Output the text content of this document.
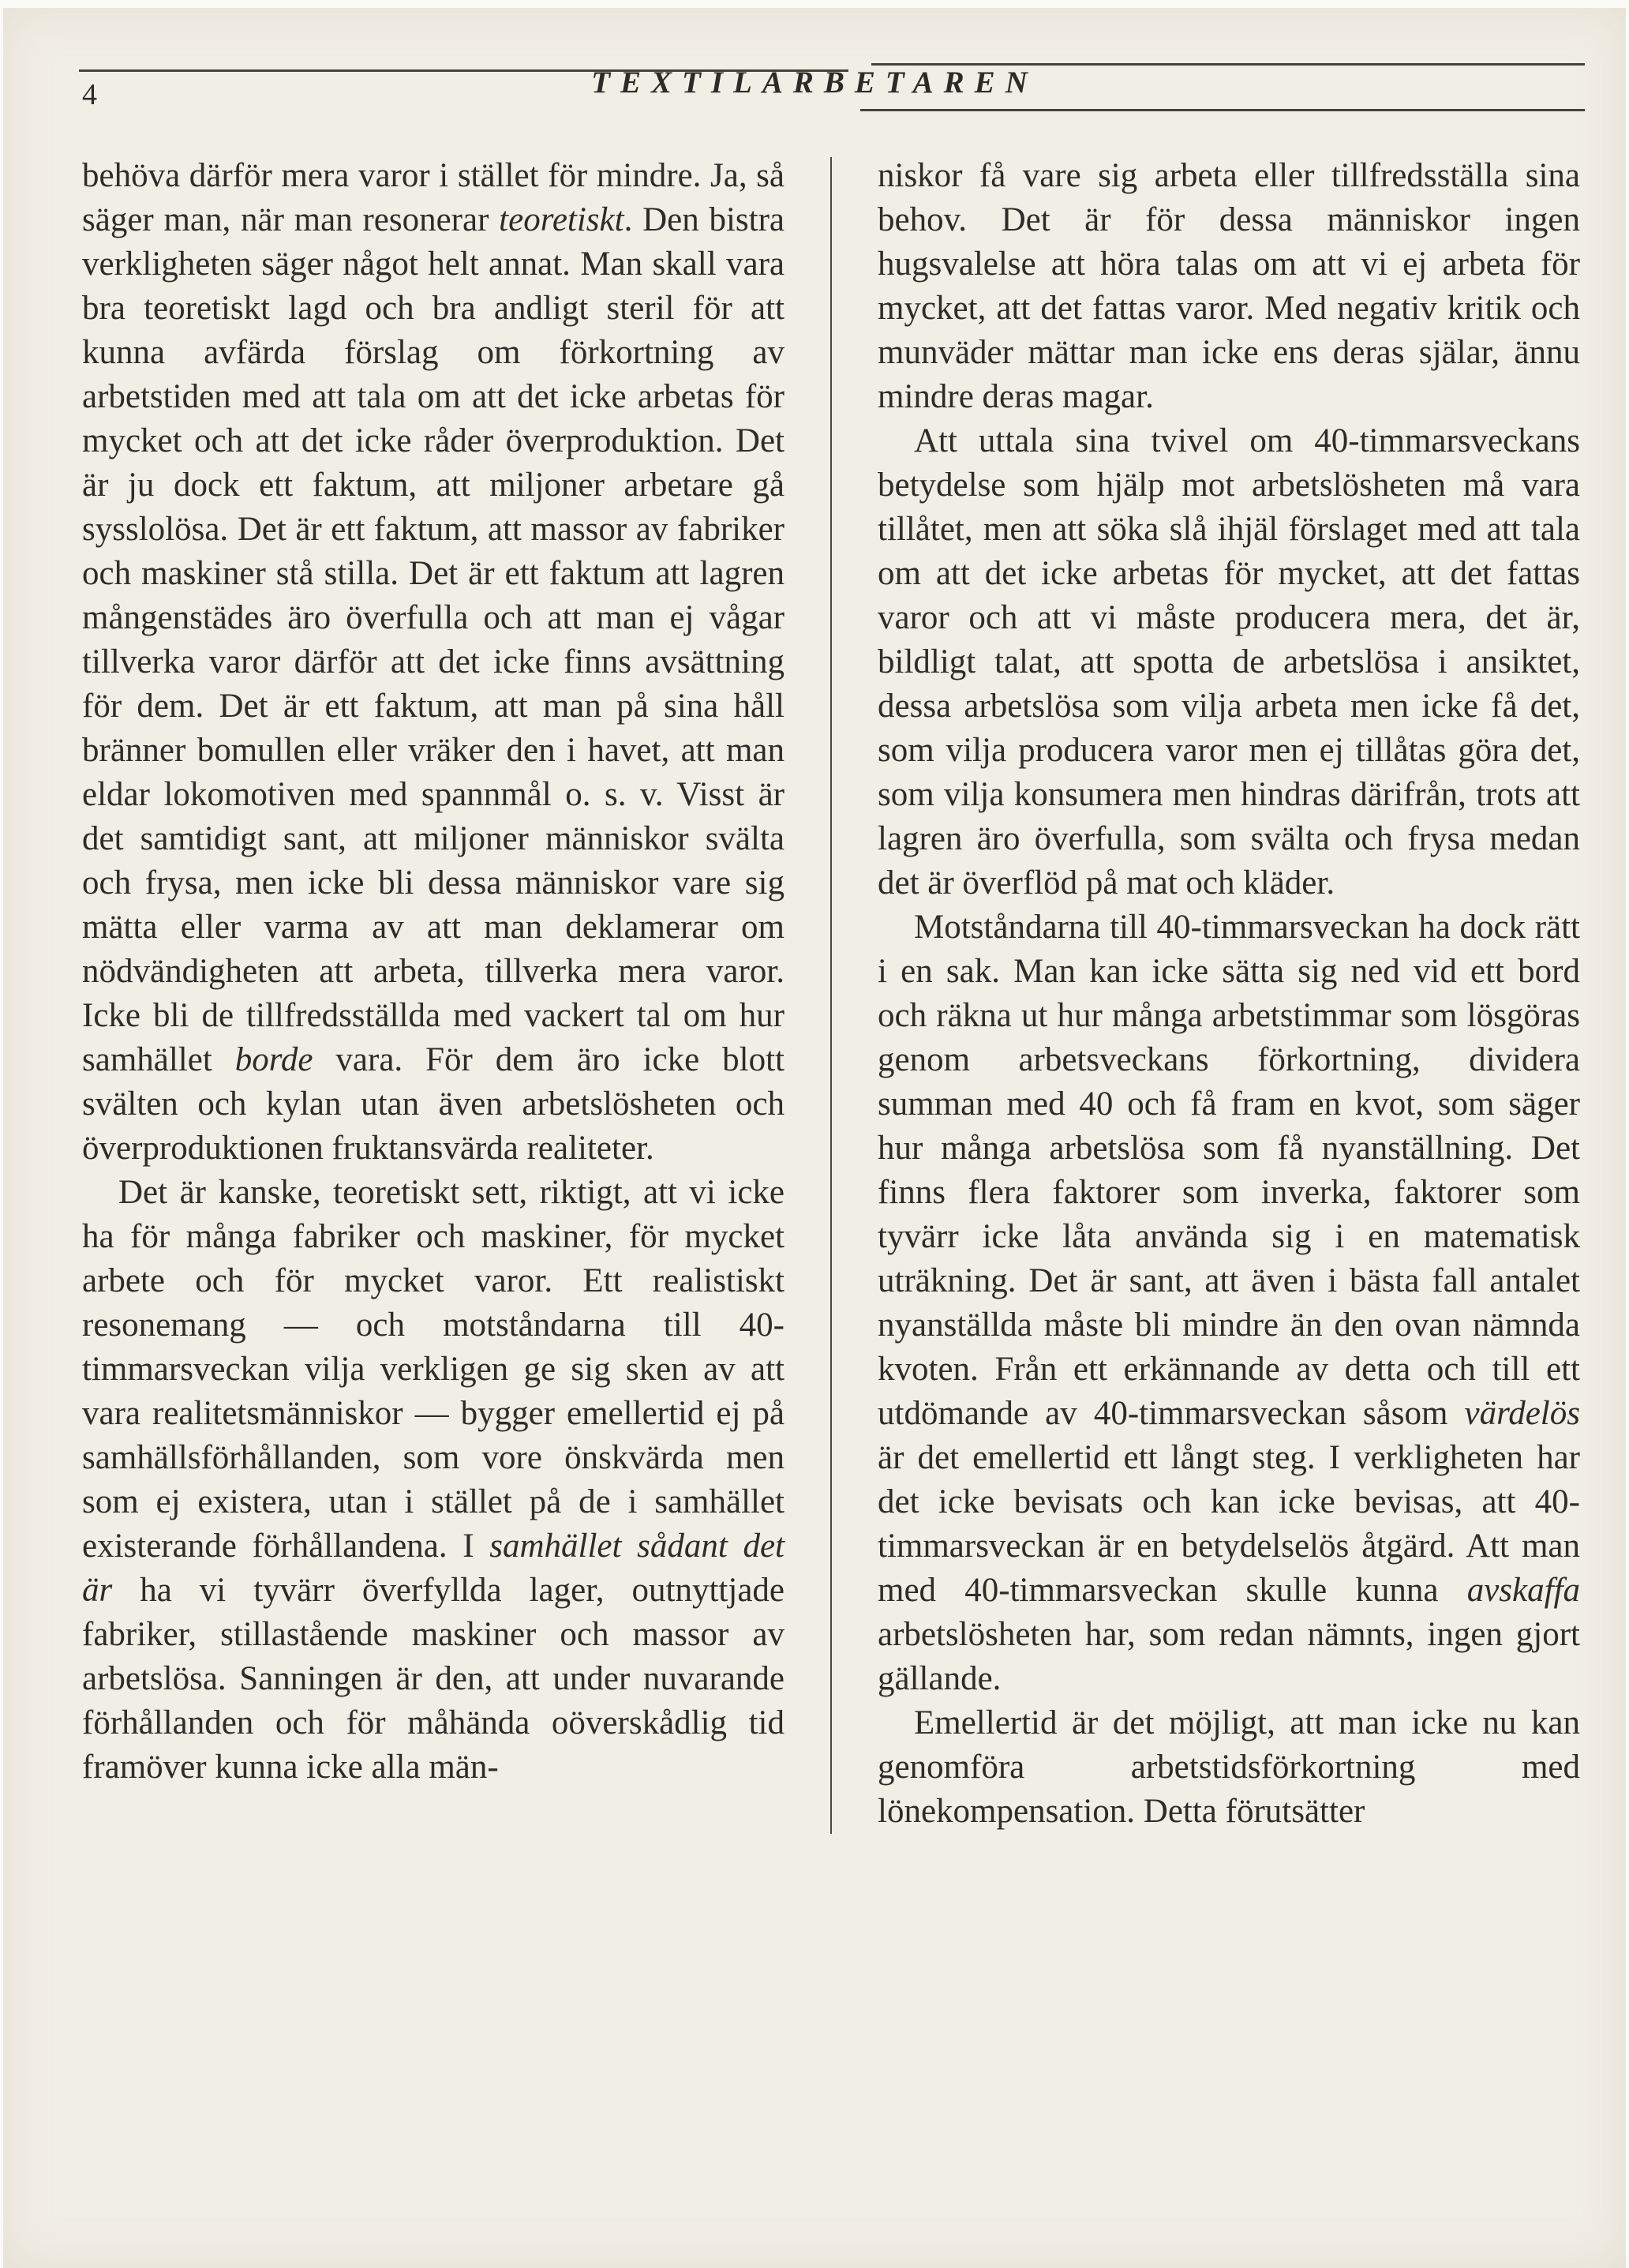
4	TEXTILARBETAREN

behöva därför mera varor i stället för mindre. Ja, så säger man, när man resonerar teoretiskt. Den bistra verkligheten säger något helt annat. Man skall vara bra teoretiskt lagd och bra andligt steril för att kunna avfärda förslag om förkortning av arbetstiden med att tala om att det icke arbetas för mycket och att det icke råder överproduktion. Det är ju dock ett faktum, att miljoner arbetare gå sysslolösa. Det är ett faktum, att massor av fabriker och maskiner stå stilla. Det är ett faktum att lagren mångenstädes äro överfulla och att man ej vågar tillverka varor därför att det icke finns avsättning för dem. Det är ett faktum, att man på sina håll bränner bomullen eller vräker den i havet, att man eldar lokomotiven med spannmål o. s. v. Visst är det samtidigt sant, att miljoner människor svälta och frysa, men icke bli dessa människor vare sig mätta eller varma av att man deklamerar om nödvändigheten att arbeta, tillverka mera varor. Icke bli de tillfredsställda med vackert tal om hur samhället borde vara. För dem äro icke blott svälten och kylan utan även arbetslösheten och överproduktionen fruktansvärda realiteter.

Det är kanske, teoretiskt sett, riktigt, att vi icke ha för många fabriker och maskiner, för mycket arbete och för mycket varor. Ett realistiskt resonemang — och motståndarna till 40-timmarsveckan vilja verkligen ge sig sken av att vara realitetsmänniskor — bygger emellertid ej på samhällsförhållanden, som vore önskvärda men som ej existera, utan i stället på de i samhället existerande förhållandena. I samhället sådant det är ha vi tyvärr överfyllda lager, outnyttjade fabriker, stillastående maskiner och massor av arbetslösa. Sanningen är den, att under nuvarande förhållanden och för måhända oöverskådlig tid framöver kunna icke alla män-

niskor få vare sig arbeta eller tillfredsställa sina behov. Det är för dessa människor ingen hugsvalelse att höra talas om att vi ej arbeta för mycket, att det fattas varor. Med negativ kritik och munväder mättar man icke ens deras själar, ännu mindre deras magar.

Att uttala sina tvivel om 40-timmarsveckans betydelse som hjälp mot arbetslösheten må vara tillåtet, men att söka slå ihjäl förslaget med att tala om att det icke arbetas för mycket, att det fattas varor och att vi måste producera mera, det är, bildligt talat, att spotta de arbetslösa i ansiktet, dessa arbetslösa som vilja arbeta men icke få det, som vilja producera varor men ej tillåtas göra det, som vilja konsumera men hindras därifrån, trots att lagren äro överfulla, som svälta och frysa medan det är överflöd på mat och kläder.

Motståndarna till 40-timmarsveckan ha dock rätt i en sak. Man kan icke sätta sig ned vid ett bord och räkna ut hur många arbetstimmar som lösgöras genom arbetsveckans förkortning, dividera summan med 40 och få fram en kvot, som säger hur många arbetslösa som få nyanställning. Det finns flera faktorer som inverka, faktorer som tyvärr icke låta använda sig i en matematisk uträkning. Det är sant, att även i bästa fall antalet nyanställda måste bli mindre än den ovan nämnda kvoten. Från ett erkännande av detta och till ett utdömande av 40-timmarsveckan såsom värdelös är det emellertid ett långt steg. I verkligheten har det icke bevisats och kan icke bevisas, att 40-timmarsveckan är en betydelselös åtgärd. Att man med 40-timmarsveckan skulle kunna avskaffa arbetslösheten har, som redan nämnts, ingen gjort gällande.

Emellertid är det möjligt, att man icke nu kan genomföra arbetstidsförkortning med lönekompensation. Detta förutsätter
